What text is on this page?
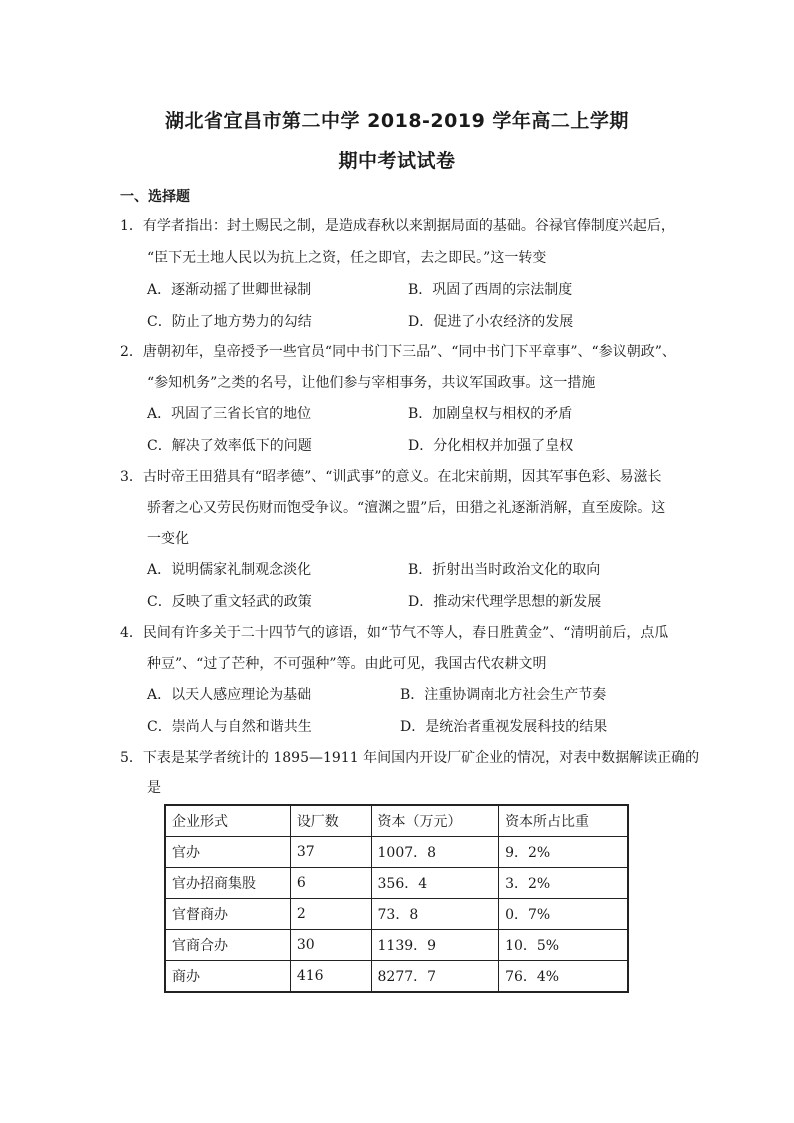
湖北省宜昌市第二中学 2018-2019 学年高二上学期
期中考试试卷
一、选择题
1．有学者指出：封土赐民之制，是造成春秋以来割据局面的基础。谷禄官俸制度兴起后，
“臣下无土地人民以为抗上之资，任之即官，去之即民。”这一转变
A．逐渐动摇了世卿世禄制	B．巩固了西周的宗法制度
C．防止了地方势力的勾结	D．促进了小农经济的发展
2．唐朝初年，皇帝授予一些官员“同中书门下三品”、“同中书门下平章事”、“参议朝政”、
“参知机务”之类的名号，让他们参与宰相事务，共议军国政事。这一措施
A．巩固了三省长官的地位	B．加剧皇权与相权的矛盾
C．解决了效率低下的问题	D．分化相权并加强了皇权
3．古时帝王田猎具有“昭孝德”、“训武事”的意义。在北宋前期，因其军事色彩、易滋长
骄奢之心又劳民伤财而饱受争议。“澶渊之盟”后，田猎之礼逐渐消解，直至废除。这
一变化
A．说明儒家礼制观念淡化	B．折射出当时政治文化的取向
C．反映了重文轻武的政策	D．推动宋代理学思想的新发展
4．民间有许多关于二十四节气的谚语，如“节气不等人，春日胜黄金”、“清明前后，点瓜
种豆”、“过了芒种，不可强种”等。由此可见，我国古代农耕文明
A．以天人感应理论为基础	B．注重协调南北方社会生产节奏
C．崇尚人与自然和谐共生	D．是统治者重视发展科技的结果
5．下表是某学者统计的 1895—1911 年间国内开设厂矿企业的情况，对表中数据解读正确的
是
企业形式	设厂数	资本（万元）	资本所占比重
官办	37	1007．8	9．2%
官办招商集股	6	356．4	3．2%
官督商办	2	73．8	0．7%
官商合办	30	1139．9	10．5%
商办	416	8277．7	76．4%
